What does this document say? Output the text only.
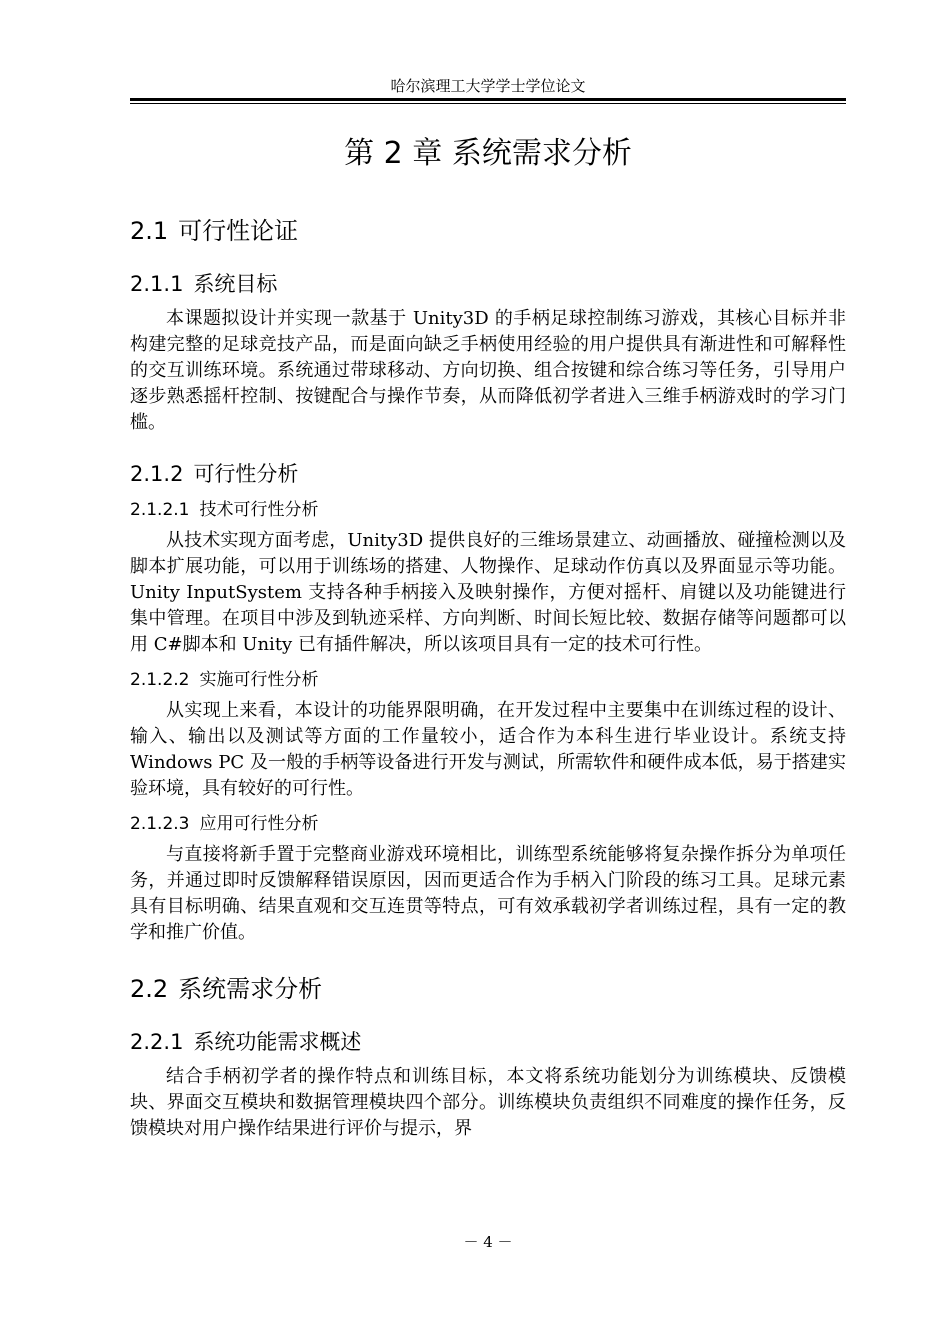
哈尔滨理工大学学士学位论文
第 2 章 系统需求分析
2.1 可行性论证
2.1.1 系统目标

本课题拟设计并实现一款基于 Unity3D 的手柄足球控制练习游戏，其核心目标并非构建完整的足球竞技产品，而是面向缺乏手柄使用经验的用户提供具有渐进性和可解释性的交互训练环境。系统通过带球移动、方向切换、组合按键和综合练习等任务，引导用户逐步熟悉摇杆控制、按键配合与操作节奏，从而降低初学者进入三维手柄游戏时的学习门槛。

2.1.2 可行性分析
2.1.2.1 技术可行性分析

从技术实现方面考虑，Unity3D 提供良好的三维场景建立、动画播放、碰撞检测以及脚本扩展功能，可以用于训练场的搭建、人物操作、足球动作仿真以及界面显示等功能。Unity InputSystem 支持各种手柄接入及映射操作，方便对摇杆、肩键以及功能键进行集中管理。在项目中涉及到轨迹采样、方向判断、时间长短比较、数据存储等问题都可以用 C#脚本和 Unity 已有插件解决，所以该项目具有一定的技术可行性。

2.1.2.2 实施可行性分析

从实现上来看，本设计的功能界限明确，在开发过程中主要集中在训练过程的设计、输入、输出以及测试等方面的工作量较小，适合作为本科生进行毕业设计。系统支持 Windows PC 及一般的手柄等设备进行开发与测试，所需软件和硬件成本低，易于搭建实验环境，具有较好的可行性。

2.1.2.3 应用可行性分析

与直接将新手置于完整商业游戏环境相比，训练型系统能够将复杂操作拆分为单项任务，并通过即时反馈解释错误原因，因而更适合作为手柄入门阶段的练习工具。足球元素具有目标明确、结果直观和交互连贯等特点，可有效承载初学者训练过程，具有一定的教学和推广价值。

2.2 系统需求分析
2.2.1 系统功能需求概述

结合手柄初学者的操作特点和训练目标，本文将系统功能划分为训练模块、反馈模块、界面交互模块和数据管理模块四个部分。训练模块负责组织不同难度的操作任务，反馈模块对用户操作结果进行评价与提示，界

－ 4 －
